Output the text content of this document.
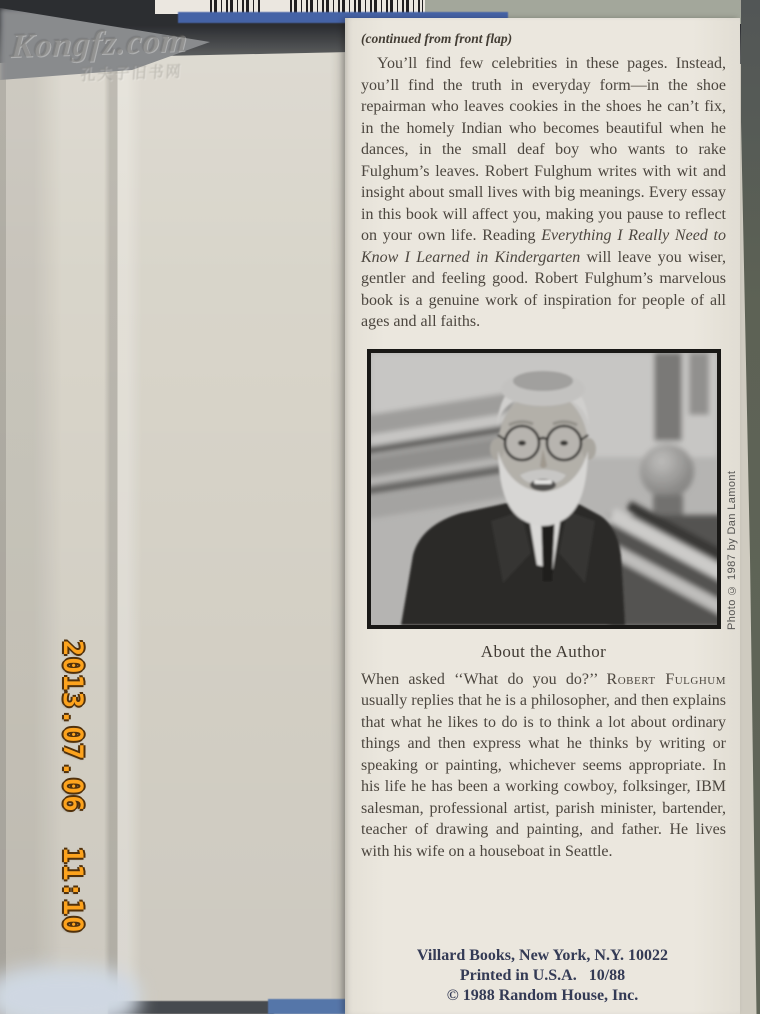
(continued from front flap)

You’ll find few celebrities in these pages. Instead, you’ll find the truth in everyday form—in the shoe repairman who leaves cookies in the shoes he can’t fix, in the homely Indian who becomes beautiful when he dances, in the small deaf boy who wants to rake Fulghum’s leaves. Robert Fulghum writes with wit and insight about small lives with big meanings. Every essay in this book will affect you, making you pause to reflect on your own life. Reading Everything I Really Need to Know I Learned in Kindergarten will leave you wiser, gentler and feeling good. Robert Fulghum’s marvelous book is a genuine work of inspiration for people of all ages and all faiths.

Photo © 1987 by Dan Lamont
About the Author

When asked ‘‘What do you do?’’ Robert Fulghum usually replies that he is a philosopher, and then explains that what he likes to do is to think a lot about ordinary things and then express what he thinks by writing or speaking or painting, whichever seems appropriate. In his life he has been a working cowboy, folksinger, IBM salesman, professional artist, parish minister, bartender, teacher of drawing and painting, and father. He lives with his wife on a houseboat in Seattle.

Villard Books, New York, N.Y. 10022
Printed in U.S.A.   10/88
© 1988 Random House, Inc.
Kongfz.com
孔夫子旧书网
2013.07.06  11:10
